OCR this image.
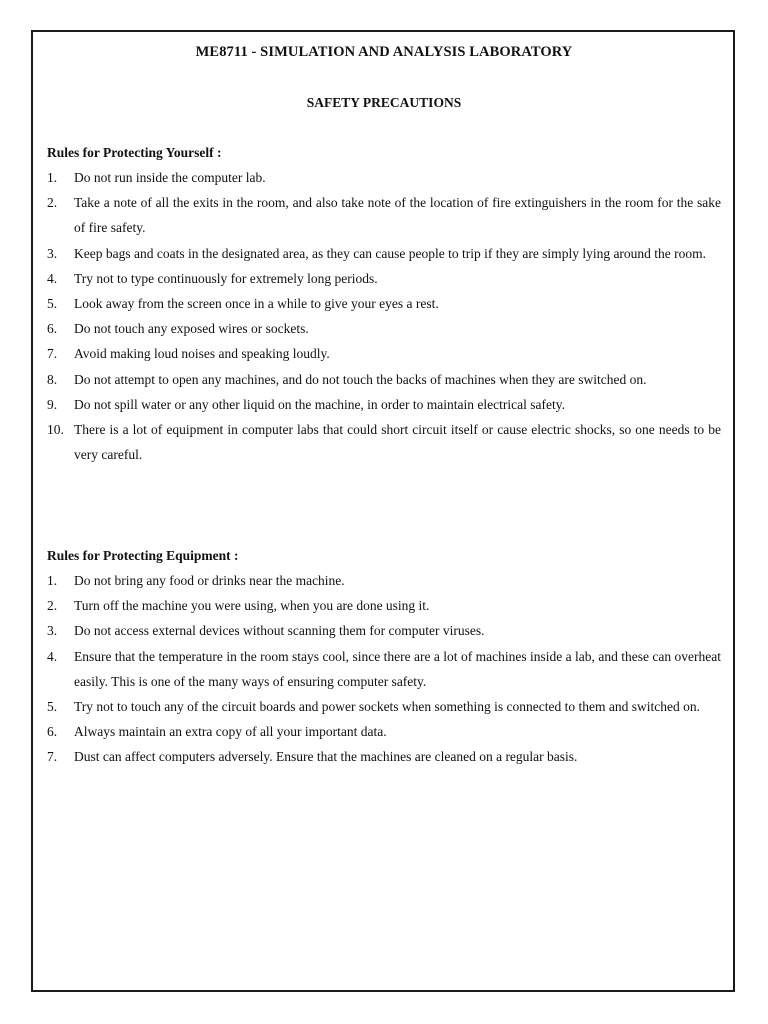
ME8711 - SIMULATION AND ANALYSIS LABORATORY
SAFETY PRECAUTIONS
Rules for Protecting Yourself :
1. Do not run inside the computer lab.
2. Take a note of all the exits in the room, and also take note of the location of fire extinguishers in the room for the sake of fire safety.
3. Keep bags and coats in the designated area, as they can cause people to trip if they are simply lying around the room.
4. Try not to type continuously for extremely long periods.
5. Look away from the screen once in a while to give your eyes a rest.
6. Do not touch any exposed wires or sockets.
7. Avoid making loud noises and speaking loudly.
8. Do not attempt to open any machines, and do not touch the backs of machines when they are switched on.
9. Do not spill water or any other liquid on the machine, in order to maintain electrical safety.
10. There is a lot of equipment in computer labs that could short circuit itself or cause electric shocks, so one needs to be very careful.
Rules for Protecting Equipment :
1. Do not bring any food or drinks near the machine.
2. Turn off the machine you were using, when you are done using it.
3. Do not access external devices without scanning them for computer viruses.
4. Ensure that the temperature in the room stays cool, since there are a lot of machines inside a lab, and these can overheat easily. This is one of the many ways of ensuring computer safety.
5. Try not to touch any of the circuit boards and power sockets when something is connected to them and switched on.
6. Always maintain an extra copy of all your important data.
7. Dust can affect computers adversely. Ensure that the machines are cleaned on a regular basis.
